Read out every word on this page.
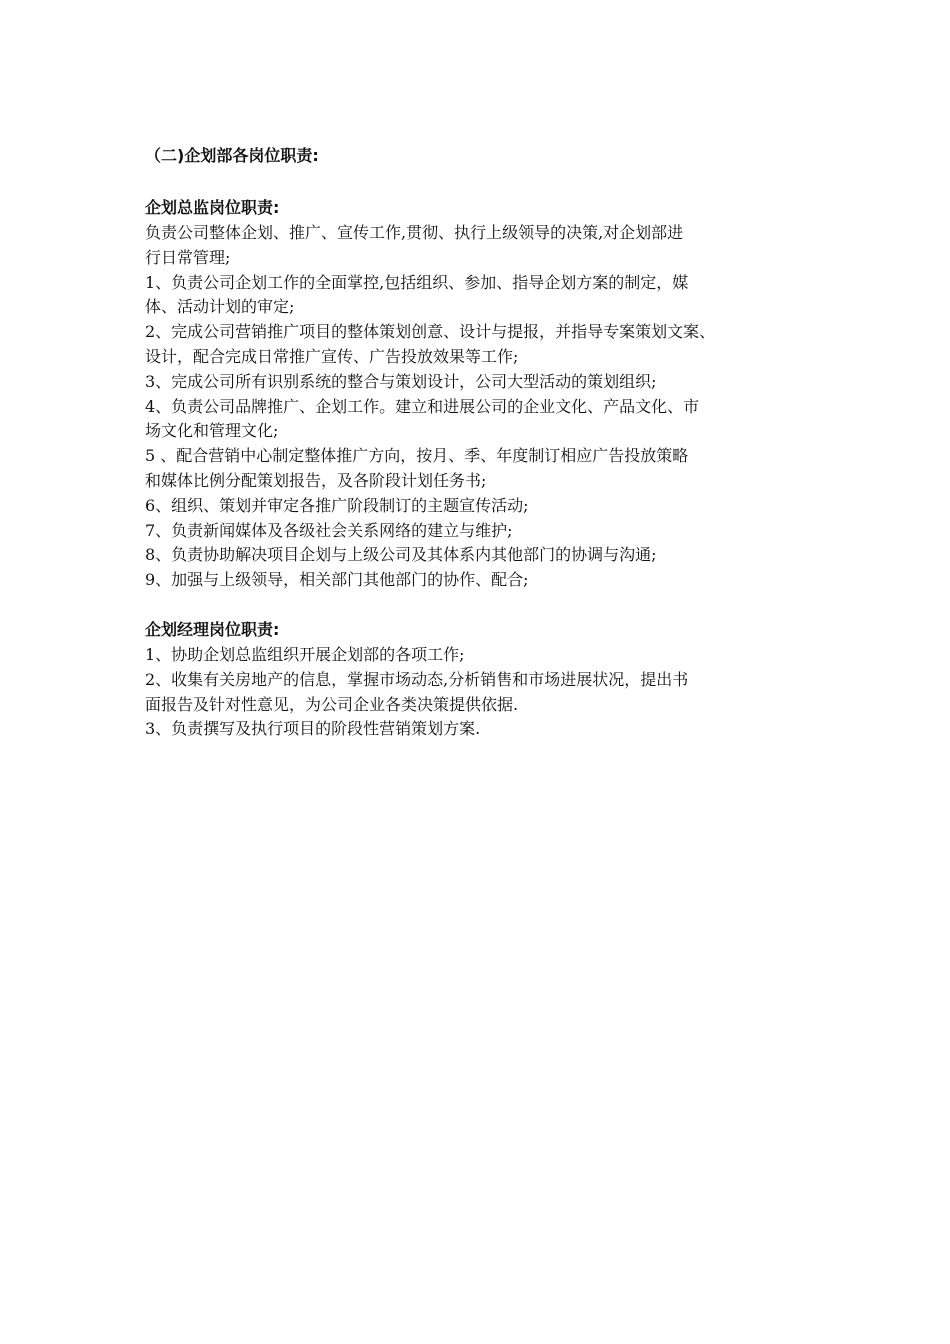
（二)企划部各岗位职责:

企划总监岗位职责:

负责公司整体企划、推广、宣传工作,贯彻、执行上级领导的决策,对企划部进

行日常管理;

1、负责公司企划工作的全面掌控,包括组织、参加、指导企划方案的制定，媒

体、活动计划的审定;

2、完成公司营销推广项目的整体策划创意、设计与提报，并指导专案策划文案、

设计，配合完成日常推广宣传、广告投放效果等工作;

3、完成公司所有识别系统的整合与策划设计，公司大型活动的策划组织;

4、负责公司品牌推广、企划工作。建立和进展公司的企业文化、产品文化、市

场文化和管理文化;

5 、配合营销中心制定整体推广方向，按月、季、年度制订相应广告投放策略

和媒体比例分配策划报告，及各阶段计划任务书;

6、组织、策划并审定各推广阶段制订的主题宣传活动;

7、负责新闻媒体及各级社会关系网络的建立与维护;

8、负责协助解决项目企划与上级公司及其体系内其他部门的协调与沟通;

9、加强与上级领导，相关部门其他部门的协作、配合;

企划经理岗位职责:

1、协助企划总监组织开展企划部的各项工作;

2、收集有关房地产的信息，掌握市场动态,分析销售和市场进展状况，提出书

面报告及针对性意见，为公司企业各类决策提供依据.

3、负责撰写及执行项目的阶段性营销策划方案.
